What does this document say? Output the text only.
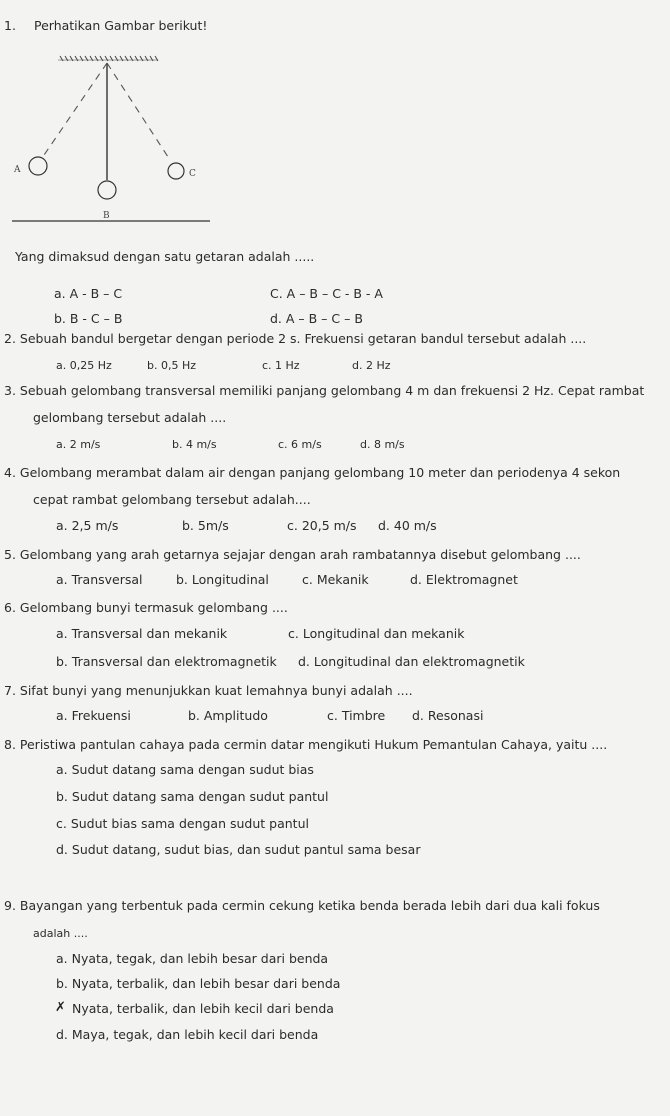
1. Perhatikan Gambar berikut!
A
B
C
Yang dimaksud dengan satu getaran adalah .....
a. A - B – C	C. A – B – C - B - A
b. B - C – B	d. A – B – C – B
2. Sebuah bandul bergetar dengan periode 2 s. Frekuensi getaran bandul tersebut adalah ....
a. 0,25 Hz	b. 0,5 Hz	c. 1 Hz	d. 2 Hz
3. Sebuah gelombang transversal memiliki panjang gelombang 4 m dan frekuensi 2 Hz. Cepat rambat
gelombang tersebut adalah ....
a. 2 m/s	b. 4 m/s	c. 6 m/s	d. 8 m/s
4. Gelombang merambat dalam air dengan panjang gelombang 10 meter dan periodenya 4 sekon
cepat rambat gelombang tersebut adalah....
a. 2,5 m/s	b. 5m/s	c. 20,5 m/s d. 40 m/s
5. Gelombang yang arah getarnya sejajar dengan arah rambatannya disebut gelombang ....
a. Transversal	b. Longitudinal	c. Mekanik	d. Elektromagnet
6. Gelombang bunyi termasuk gelombang ....
a. Transversal dan mekanik	c. Longitudinal dan mekanik
b. Transversal dan elektromagnetik d. Longitudinal dan elektromagnetik
7. Sifat bunyi yang menunjukkan kuat lemahnya bunyi adalah ....
a. Frekuensi	b. Amplitudo	c. Timbre d. Resonasi
8. Peristiwa pantulan cahaya pada cermin datar mengikuti Hukum Pemantulan Cahaya, yaitu ....
a. Sudut datang sama dengan sudut bias
b. Sudut datang sama dengan sudut pantul
c. Sudut bias sama dengan sudut pantul
d. Sudut datang, sudut bias, dan sudut pantul sama besar
9. Bayangan yang terbentuk pada cermin cekung ketika benda berada lebih dari dua kali fokus
adalah ....
a. Nyata, tegak, dan lebih besar dari benda
b. Nyata, terbalik, dan lebih besar dari benda
✗ Nyata, terbalik, dan lebih kecil dari benda
d. Maya, tegak, dan lebih kecil dari benda
